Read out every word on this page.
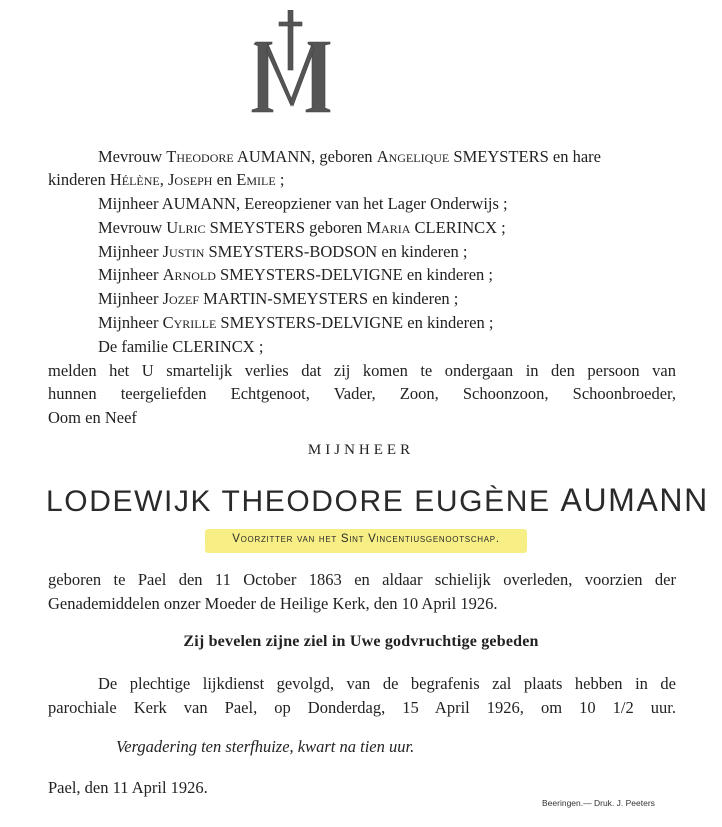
Mevrouw Theodore AUMANN, geboren Angelique SMEYSTERS en hare
kinderen Hélène, Joseph en Emile ;
Mijnheer AUMANN, Eereopziener van het Lager Onderwijs ;
Mevrouw Ulric SMEYSTERS geboren Maria CLERINCX ;
Mijnheer Justin SMEYSTERS-BODSON en kinderen ;
Mijnheer Arnold SMEYSTERS-DELVIGNE en kinderen ;
Mijnheer Jozef MARTIN-SMEYSTERS en kinderen ;
Mijnheer Cyrille SMEYSTERS-DELVIGNE en kinderen ;
De familie CLERINCX ;
melden het U smartelijk verlies dat zij komen te ondergaan in den persoon van
hunnen teergeliefden Echtgenoot, Vader, Zoon, Schoonzoon, Schoonbroeder,
Oom en Neef
MIJNHEER
LODEWIJK THEODORE EUGÈNE AUMANN
Voorzitter van het Sint Vincentiusgenootschap.
geboren te Pael den 11 October 1863 en aldaar schielijk overleden, voorzien der
Genademiddelen onzer Moeder de Heilige Kerk, den 10 April 1926.
Zij bevelen zijne ziel in Uwe godvruchtige gebeden
De plechtige lijkdienst gevolgd, van de begrafenis zal plaats hebben in de
parochiale Kerk van Pael, op Donderdag, 15 April 1926, om 10 1/2 uur.
Vergadering ten sterfhuize, kwart na tien uur.
Pael, den 11 April 1926.
Beeringen.— Druk. J. Peeters
